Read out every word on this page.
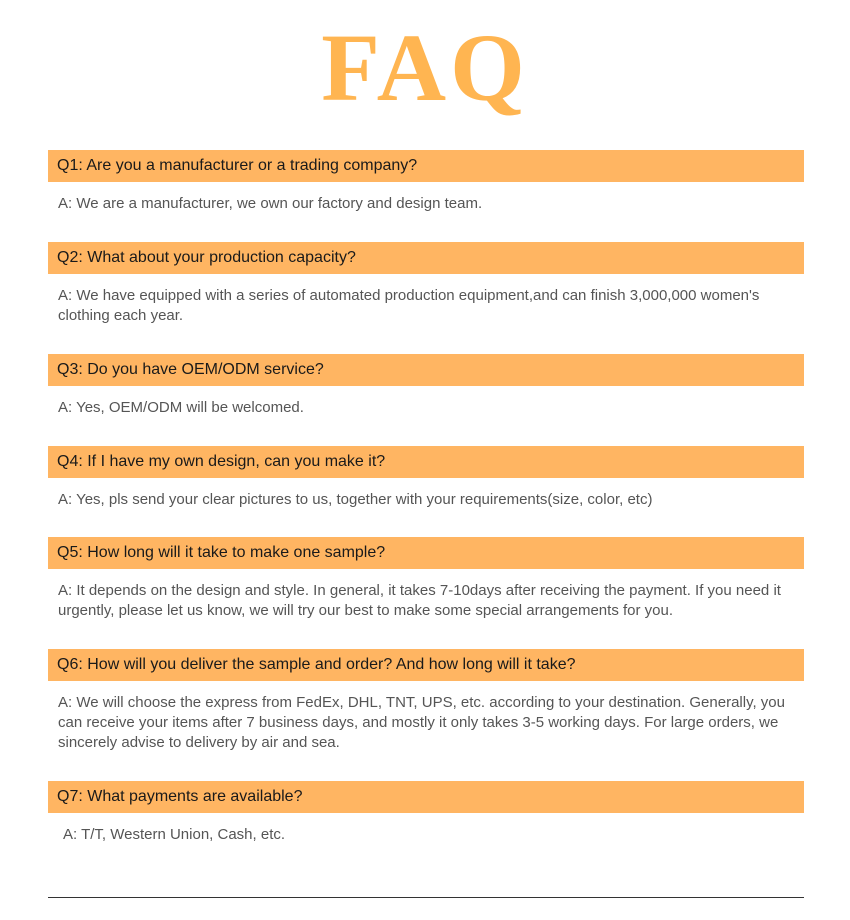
FAQ
Q1: Are you a manufacturer or a trading company?
A: We are a manufacturer, we own our factory and design team.
Q2: What about your production capacity?
A: We have equipped with a series of automated production equipment,and can finish 3,000,000 women's clothing each year.
Q3: Do you have OEM/ODM service?
A: Yes, OEM/ODM will be welcomed.
Q4: If I have my own design, can you make it?
A: Yes, pls send your clear pictures to us, together with your requirements(size, color, etc)
Q5: How long will it take to make one sample?
A: It depends on the design and style. In general, it takes 7-10days after receiving the payment. If you need it urgently, please let us know, we will try our best to make some special arrangements for you.
Q6: How will you deliver the sample and order? And how long will it take?
A: We will choose the express from FedEx, DHL, TNT, UPS, etc. according to your destination. Generally, you can receive your items after 7 business days, and mostly it only takes 3-5 working days. For large orders, we sincerely advise to delivery by air and sea.
Q7: What payments are available?
A: T/T, Western Union, Cash, etc.
